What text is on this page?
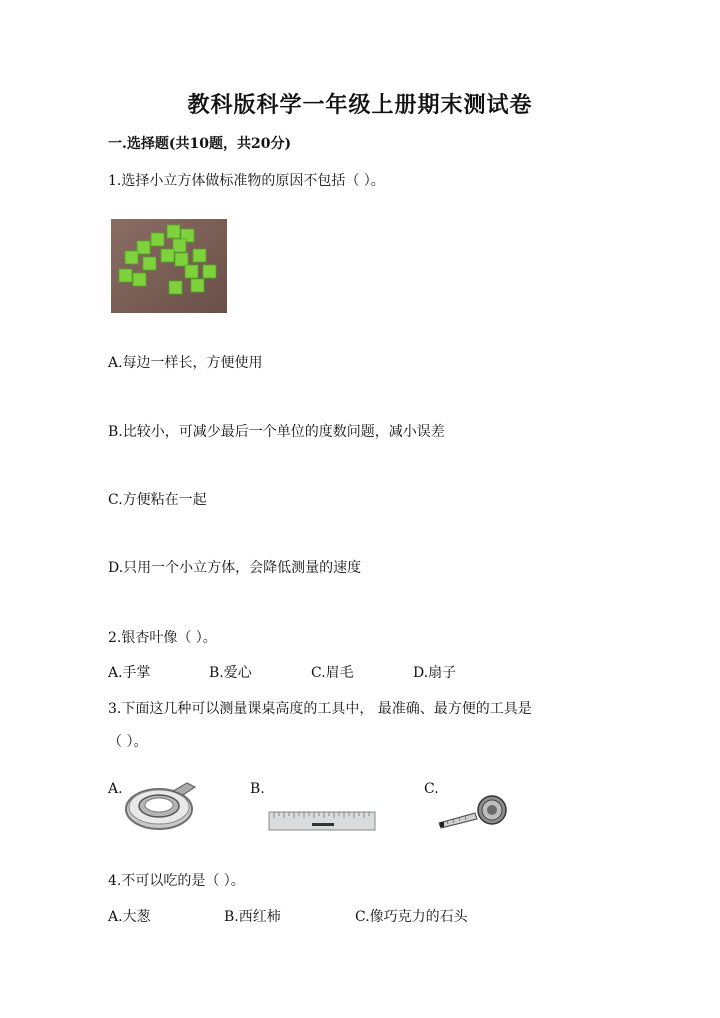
教科版科学一年级上册期末测试卷
一.选择题(共10题，共20分)
1.选择小立方体做标准物的原因不包括（ ）。
A.每边一样长，方便使用
B.比较小，可减少最后一个单位的度数问题，减小误差
C.方便粘在一起
D.只用一个小立方体，会降低测量的速度
2.银杏叶像（ ）。
A.手掌	B.爱心	C.眉毛	D.扇子
3.下面这几种可以测量课桌高度的工具中， 最准确、最方便的工具是
（ ）。
A.	B.	C.
4.不可以吃的是（ ）。
A.大葱	B.西红柿	C.像巧克力的石头
